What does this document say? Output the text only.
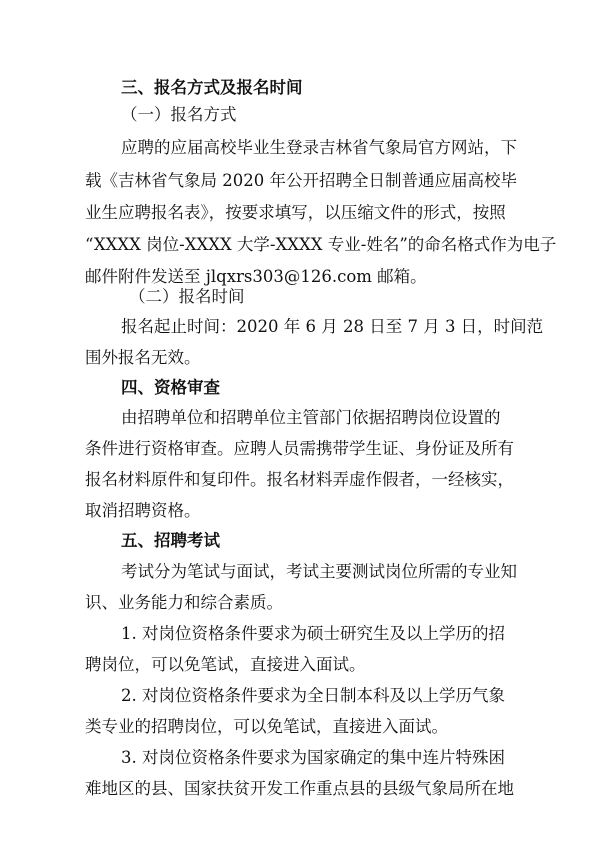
三、报名方式及报名时间

（一）报名方式

应聘的应届高校毕业生登录吉林省气象局官方网站，下

载《吉林省气象局 2020 年公开招聘全日制普通应届高校毕

业生应聘报名表》，按要求填写，以压缩文件的形式，按照

“XXXX 岗位-XXXX 大学-XXXX 专业-姓名”的命名格式作为电子

邮件附件发送至 jlqxrs303@126.com 邮箱。

（二）报名时间

报名起止时间：2020 年 6 月 28 日至 7 月 3 日，时间范

围外报名无效。

四、资格审查

由招聘单位和招聘单位主管部门依据招聘岗位设置的

条件进行资格审查。应聘人员需携带学生证、身份证及所有

报名材料原件和复印件。报名材料弄虚作假者，一经核实，

取消招聘资格。

五、招聘考试

考试分为笔试与面试，考试主要测试岗位所需的专业知

识、业务能力和综合素质。

1. 对岗位资格条件要求为硕士研究生及以上学历的招

聘岗位，可以免笔试，直接进入面试。

2. 对岗位资格条件要求为全日制本科及以上学历气象

类专业的招聘岗位，可以免笔试，直接进入面试。

3. 对岗位资格条件要求为国家确定的集中连片特殊困

难地区的县、国家扶贫开发工作重点县的县级气象局所在地
